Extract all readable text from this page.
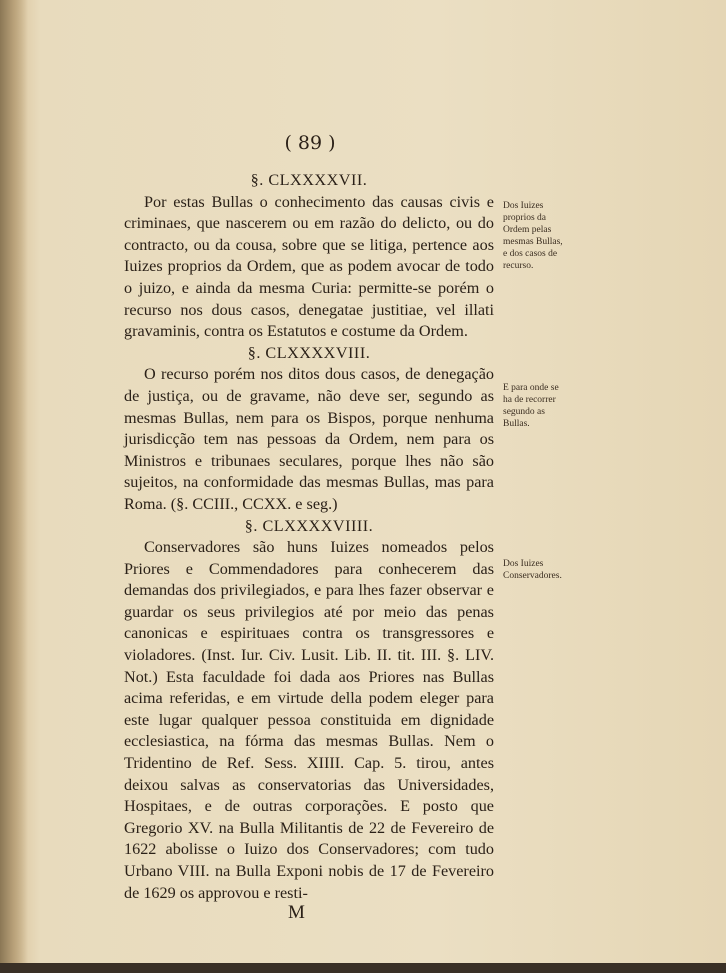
( 89 )

§. CLXXXXVII.

Por estas Bullas o conhecimento das causas civis e criminaes, que nascerem ou em razão do delicto, ou do contracto, ou da cousa, sobre que se litiga, pertence aos Iuizes proprios da Ordem, que as podem avocar de todo o juizo, e ainda da mesma Curia: permitte-se porém o recurso nos dous casos, denegatae justitiae, vel illati gravaminis, contra os Estatutos e costume da Ordem.

§. CLXXXXVIII.

O recurso porém nos ditos dous casos, de denegação de justiça, ou de gravame, não deve ser, segundo as mesmas Bullas, nem para os Bispos, porque nenhuma jurisdicção tem nas pessoas da Ordem, nem para os Ministros e tribunaes seculares, porque lhes não são sujeitos, na conformidade das mesmas Bullas, mas para Roma. (§. CCIII., CCXX. e seg.)

§. CLXXXXVIIII.

Conservadores são huns Iuizes nomeados pelos Priores e Commendadores para conhecerem das demandas dos privilegiados, e para lhes fazer observar e guardar os seus privilegios até por meio das penas canonicas e espirituaes contra os transgressores e violadores. (Inst. Iur. Civ. Lusit. Lib. II. tit. III. §. LIV. Not.) Esta faculdade foi dada aos Priores nas Bullas acima referidas, e em virtude della podem eleger para este lugar qualquer pessoa constituida em dignidade ecclesiastica, na fórma das mesmas Bullas. Nem o Tridentino de Ref. Sess. XIIII. Cap. 5. tirou, antes deixou salvas as conservatorias das Universidades, Hospitaes, e de outras corporações. E posto que Gregorio XV. na Bulla Militantis de 22 de Fevereiro de 1622 abolisse o Iuizo dos Conservadores; com tudo Urbano VIII. na Bulla Exponi nobis de 17 de Fevereiro de 1629 os approvou e resti-

Dos Iuizes proprios da Ordem pelas mesmas Bullas, e dos casos de recurso.
E para onde se ha de recorrer segundo as Bullas.
Dos Iuizes Conservadores.
M
